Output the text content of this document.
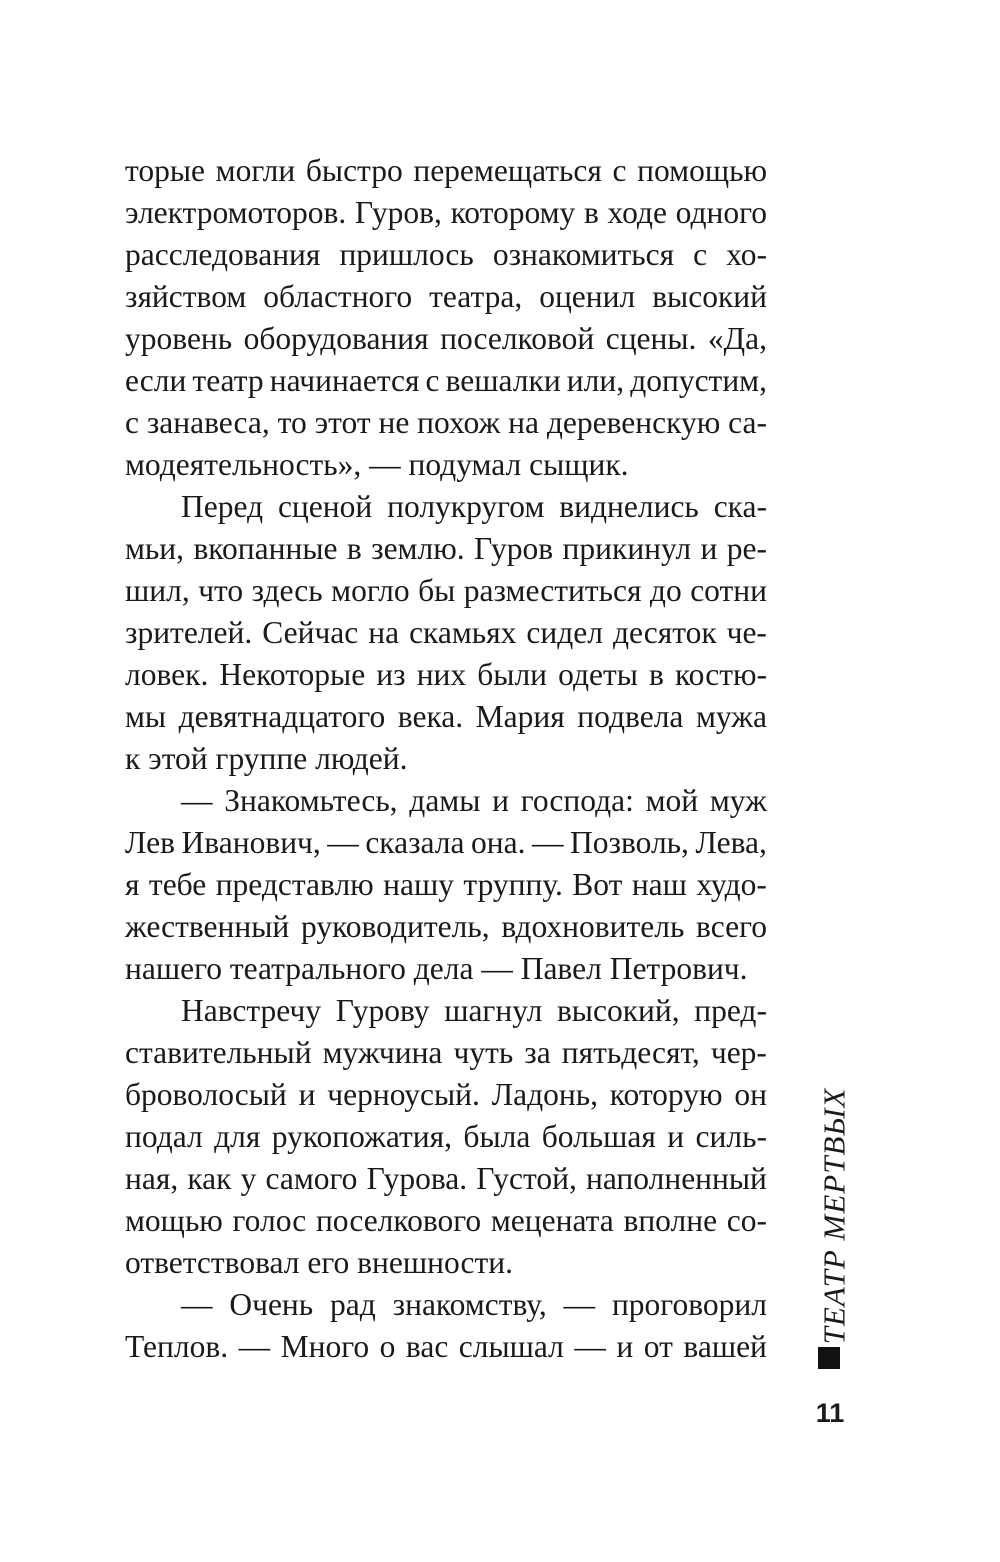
торые могли быстро перемещаться с помощью
электромоторов. Гуров, которому в ходе одного
расследования пришлось ознакомиться с хо-
зяйством областного театра, оценил высокий
уровень оборудования поселковой сцены. «Да,
если театр начинается с вешалки или, допустим,
с занавеса, то этот не похож на деревенскую са-
модеятельность», — подумал сыщик.
Перед сценой полукругом виднелись ска-
мьи, вкопанные в землю. Гуров прикинул и ре-
шил, что здесь могло бы разместиться до сотни
зрителей. Сейчас на скамьях сидел десяток че-
ловек. Некоторые из них были одеты в костю-
мы девятнадцатого века. Мария подвела мужа
к этой группе людей.
— Знакомьтесь, дамы и господа: мой муж
Лев Иванович, — сказала она. — Позволь, Лева,
я тебе представлю нашу труппу. Вот наш худо-
жественный руководитель, вдохновитель всего
нашего театрального дела — Павел Петрович.
Навстречу Гурову шагнул высокий, пред-
ставительный мужчина чуть за пятьдесят, чер-
броволосый и черноусый. Ладонь, которую он
подал для рукопожатия, была большая и силь-
ная, как у самого Гурова. Густой, наполненный
мощью голос поселкового мецената вполне со-
ответствовал его внешности.
— Очень рад знакомству, — проговорил
Теплов. — Много о вас слышал — и от вашей
ТЕАТР МЕРТВЫХ
11
